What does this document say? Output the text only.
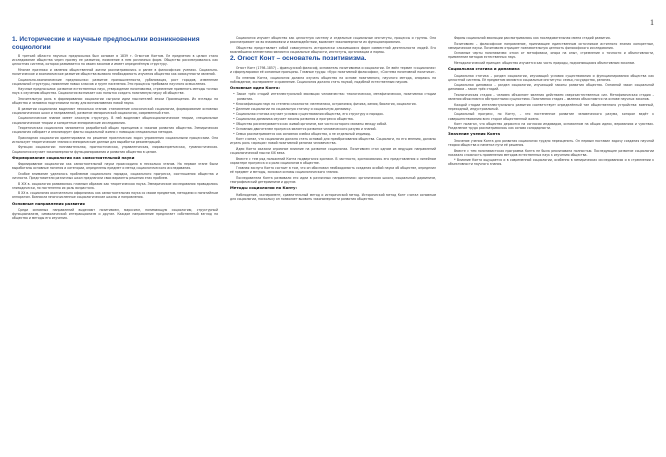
1
1. Исторические и научные предпосылки возникновения социологии

В третьей области научных предпосылок был основан в 1839 г. Огюстом Контом. Ее предметом в целом стало исследование общества через призму ее развития, появление в нем различных форм. Общество рассматривалось как целостная система, которая развивается по своим законам и имеет определённую структуру.

Многие признаки и явления общественной жизни рассматривались и ранее в философских учениях. Социально-политическое и экономическое развитие общества вызвало необходимость изучения общества как совокупности явлений.

Социально-экономические предпосылки: развитие промышленности, урбанизация, рост городов, изменение социальной структуры, появление новых классов и групп населения. Эти процессы требовали научного осмысления.

Научные предпосылки: развитие естественных наук, утверждение позитивизма, стремление применять методы точных наук к изучению общества. Социология возникает как попытка создать позитивную науку об обществе.

Значительную роль в формировании социологии сыграли идеи мыслителей эпохи Просвещения. Их взгляды на общество и человека подготовили почву для возникновения новой науки.

В развитии социологии выделяют несколько этапов: становление классической социологии, формирование основных социологических школ и направлений, развитие эмпирической социологии, современный этап.

Социологическое знание имеет сложную структуру. В ней выделяют общесоциологические теории, специальные социологические теории и конкретные эмпирические исследования.

Теоретическая социология занимается разработкой общих принципов и законов развития общества. Эмпирическая социология собирает и анализирует факты социальной жизни с помощью специальных методов.

Прикладная социология ориентирована на решение практических задач управления социальными процессами. Она использует теоретические знания и эмпирические данные для выработки рекомендаций.

Функции социологии: познавательная, прогностическая, управленческая, мировоззренческая, гуманистическая. Социология изучает закономерности функционирования и развития общества в целом.

Формирование социологии как самостоятельной науки

Формирование социологии как самостоятельной науки происходило в несколько этапов. На первом этапе были выработаны основные понятия и категории, определены предмет и метод социологического исследования.

Особое внимание уделялось проблемам социального порядка, социального прогресса, соотношения общества и личности. Представители различных школ предлагали свои варианты решения этих проблем.

В XIX в. социология развивалась главным образом как теоретическая наука. Эмпирические исследования проводились эпизодически, но постепенно их роль возрастала.

В XX в. социология окончательно оформилась как самостоятельная наука со своим предметом, методами и понятийным аппаратом. Возникли многочисленные социологические школы и направления.

Основные направления развития

Среди основных направлений выделяют позитивизм, марксизм, понимающую социологию, структурный функционализм, символический интеракционизм и другие. Каждое направление предлагает собственный взгляд на общество и методы его изучения.

Социология изучает общество как целостную систему и отдельные социальные институты, процессы и группы. Она рассматривает их во взаимосвязи и взаимодействии, выявляет закономерности их функционирования.

Общество представляет собой совокупность исторически сложившихся форм совместной деятельности людей. Его важнейшими элементами являются социальные общности, институты, организации и нормы.

2. Огюст Конт – основатель позитивизма.

Огюст Конт (1798–1857) – французский философ, основатель позитивизма и социологии. Он ввёл термин «социология» и сформулировал её основные принципы. Главные труды: «Курс позитивной философии», «Система позитивной политики».

По мнению Конта, социология должна изучать общество на основе позитивного, научного метода, опираясь на наблюдение, эксперимент и сравнение. Социология должна стать наукой, подобной естественным наукам.

Основные идеи Конта:

• Закон трёх стадий интеллектуальной эволюции человечества: теологическая, метафизическая, позитивная стадии развития.

• Классификация наук по степени сложности: математика, астрономия, физика, химия, биология, социология.

• Деление социологии на социальную статику и социальную динамику.

• Социальная статика изучает условия существования общества, его структуру и порядок.

• Социальная динамика изучает законы развития и прогресса общества.

• Общество рассматривается как живой организм, все части которого связаны между собой.

• Основным двигателем прогресса является развитие человеческого разума и знаний.

• Семья рассматривается как основная ячейка общества, а не отдельный индивид.

Конт считал, что социология должна стать основой для преобразования общества. Социологи, по его мнению, должны играть роль «жрецов» новой позитивной религии человечества.

Идеи Конта оказали огромное влияние на развитие социологии. Позитивизм стал одним из ведущих направлений социологической мысли XIX века.

Вместе с тем ряд положений Конта подвергался критике. В частности, критиковались его представления о линейном характере прогресса и о роли социологов в обществе.

Главная заслуга Конта состоит в том, что он обосновал необходимость создания особой науки об обществе, определил её предмет и методы, заложил основы социологического знания.

Последователи Конта развивали его идеи в различных направлениях: органическая школа, социальный дарвинизм, географический детерминизм и другие.

Методы социологии по Конту:

Наблюдение, эксперимент, сравнительный метод и исторический метод. Исторический метод Конт считал основным для социологии, поскольку он позволяет выявить закономерности развития общества.

Формы социальной эволюции рассматривались как последовательная смена стадий развития.

Позитивизм – философское направление, признающее единственным источником истинного знания конкретные, эмпирические науки. Позитивизм отрицает познавательную ценность философского исследования.

Основные черты позитивизма: отказ от метафизики, опора на опыт, стремление к точности и объективности, применение методов естественных наук.

Методологический принцип: общество изучается как часть природы, подчиняющаяся объективным законам.

Социальная статика и динамика

Социальная статика – раздел социологии, изучающий условия существования и функционирования общества как целостной системы. Её предметом являются социальные институты: семья, государство, религия.

Социальная динамика – раздел социологии, изучающий законы развития общества. Основной закон социальной динамики – закон трёх стадий.

Теологическая стадия – человек объясняет явления действием сверхъестественных сил. Метафизическая стадия – явления объясняются абстрактными сущностями. Позитивная стадия – явления объясняются на основе научных законов.

Каждой стадии интеллектуального развития соответствует определённый тип общественного устройства: военный, переходный, индустриальный.

Социальный прогресс, по Конту, – это постепенное развитие человеческого разума, которое ведёт к совершенствованию всех сторон общественной жизни.

Конт полагал, что общество держится на согласии индивидов, основанном на общих идеях, верованиях и чувствах. Разделение труда рассматривалось как основа солидарности.

Значение учения Конта

Значение учения Конта для развития социологии трудно переоценить. Он первым поставил задачу создания научной теории общества и наметил пути её решения.

Вместе с тем позитивистская программа Конта не была реализована полностью. Последующее развитие социологии показало сложность применения методов естественных наук к изучению общества.

* Влияние Конта ощущается и в современной социологии, особенно в эмпирических исследованиях и в стремлении к объективности научного знания.
